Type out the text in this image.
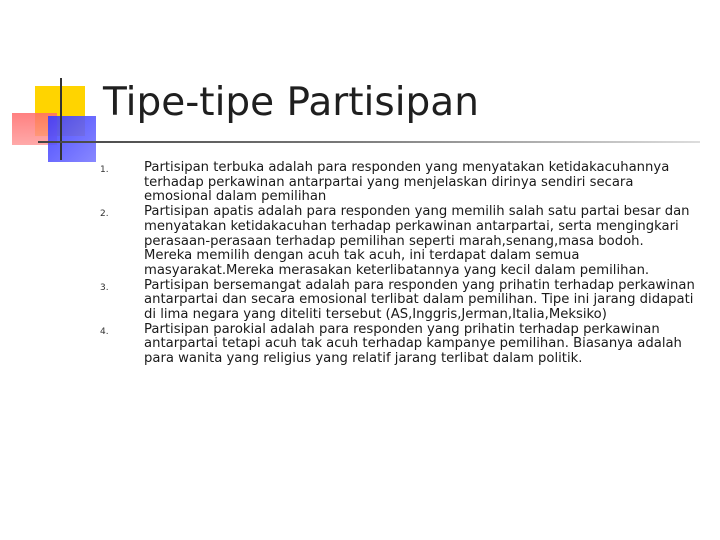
Tipe-tipe Partisipan
1.	Partisipan terbuka adalah para responden yang menyatakan ketidakacuhannya terhadap perkawinan antarpartai yang menjelaskan dirinya sendiri secara emosional dalam pemilihan
2.	Partisipan apatis adalah para responden yang memilih salah satu partai besar dan menyatakan ketidakacuhan terhadap perkawinan antarpartai, serta mengingkari perasaan-perasaan terhadap pemilihan seperti marah,senang,masa bodoh. Mereka memilih dengan acuh tak acuh, ini terdapat dalam semua masyarakat.Mereka merasakan keterlibatannya yang kecil dalam pemilihan.
3.	Partisipan bersemangat adalah para responden yang prihatin terhadap perkawinan antarpartai dan secara emosional terlibat dalam pemilihan. Tipe ini jarang didapati di lima negara yang diteliti tersebut (AS,Inggris,Jerman,Italia,Meksiko)
4.	Partisipan parokial adalah para responden yang prihatin terhadap perkawinan antarpartai tetapi acuh tak acuh terhadap kampanye pemilihan. Biasanya adalah para wanita yang religius yang relatif jarang terlibat dalam politik.
